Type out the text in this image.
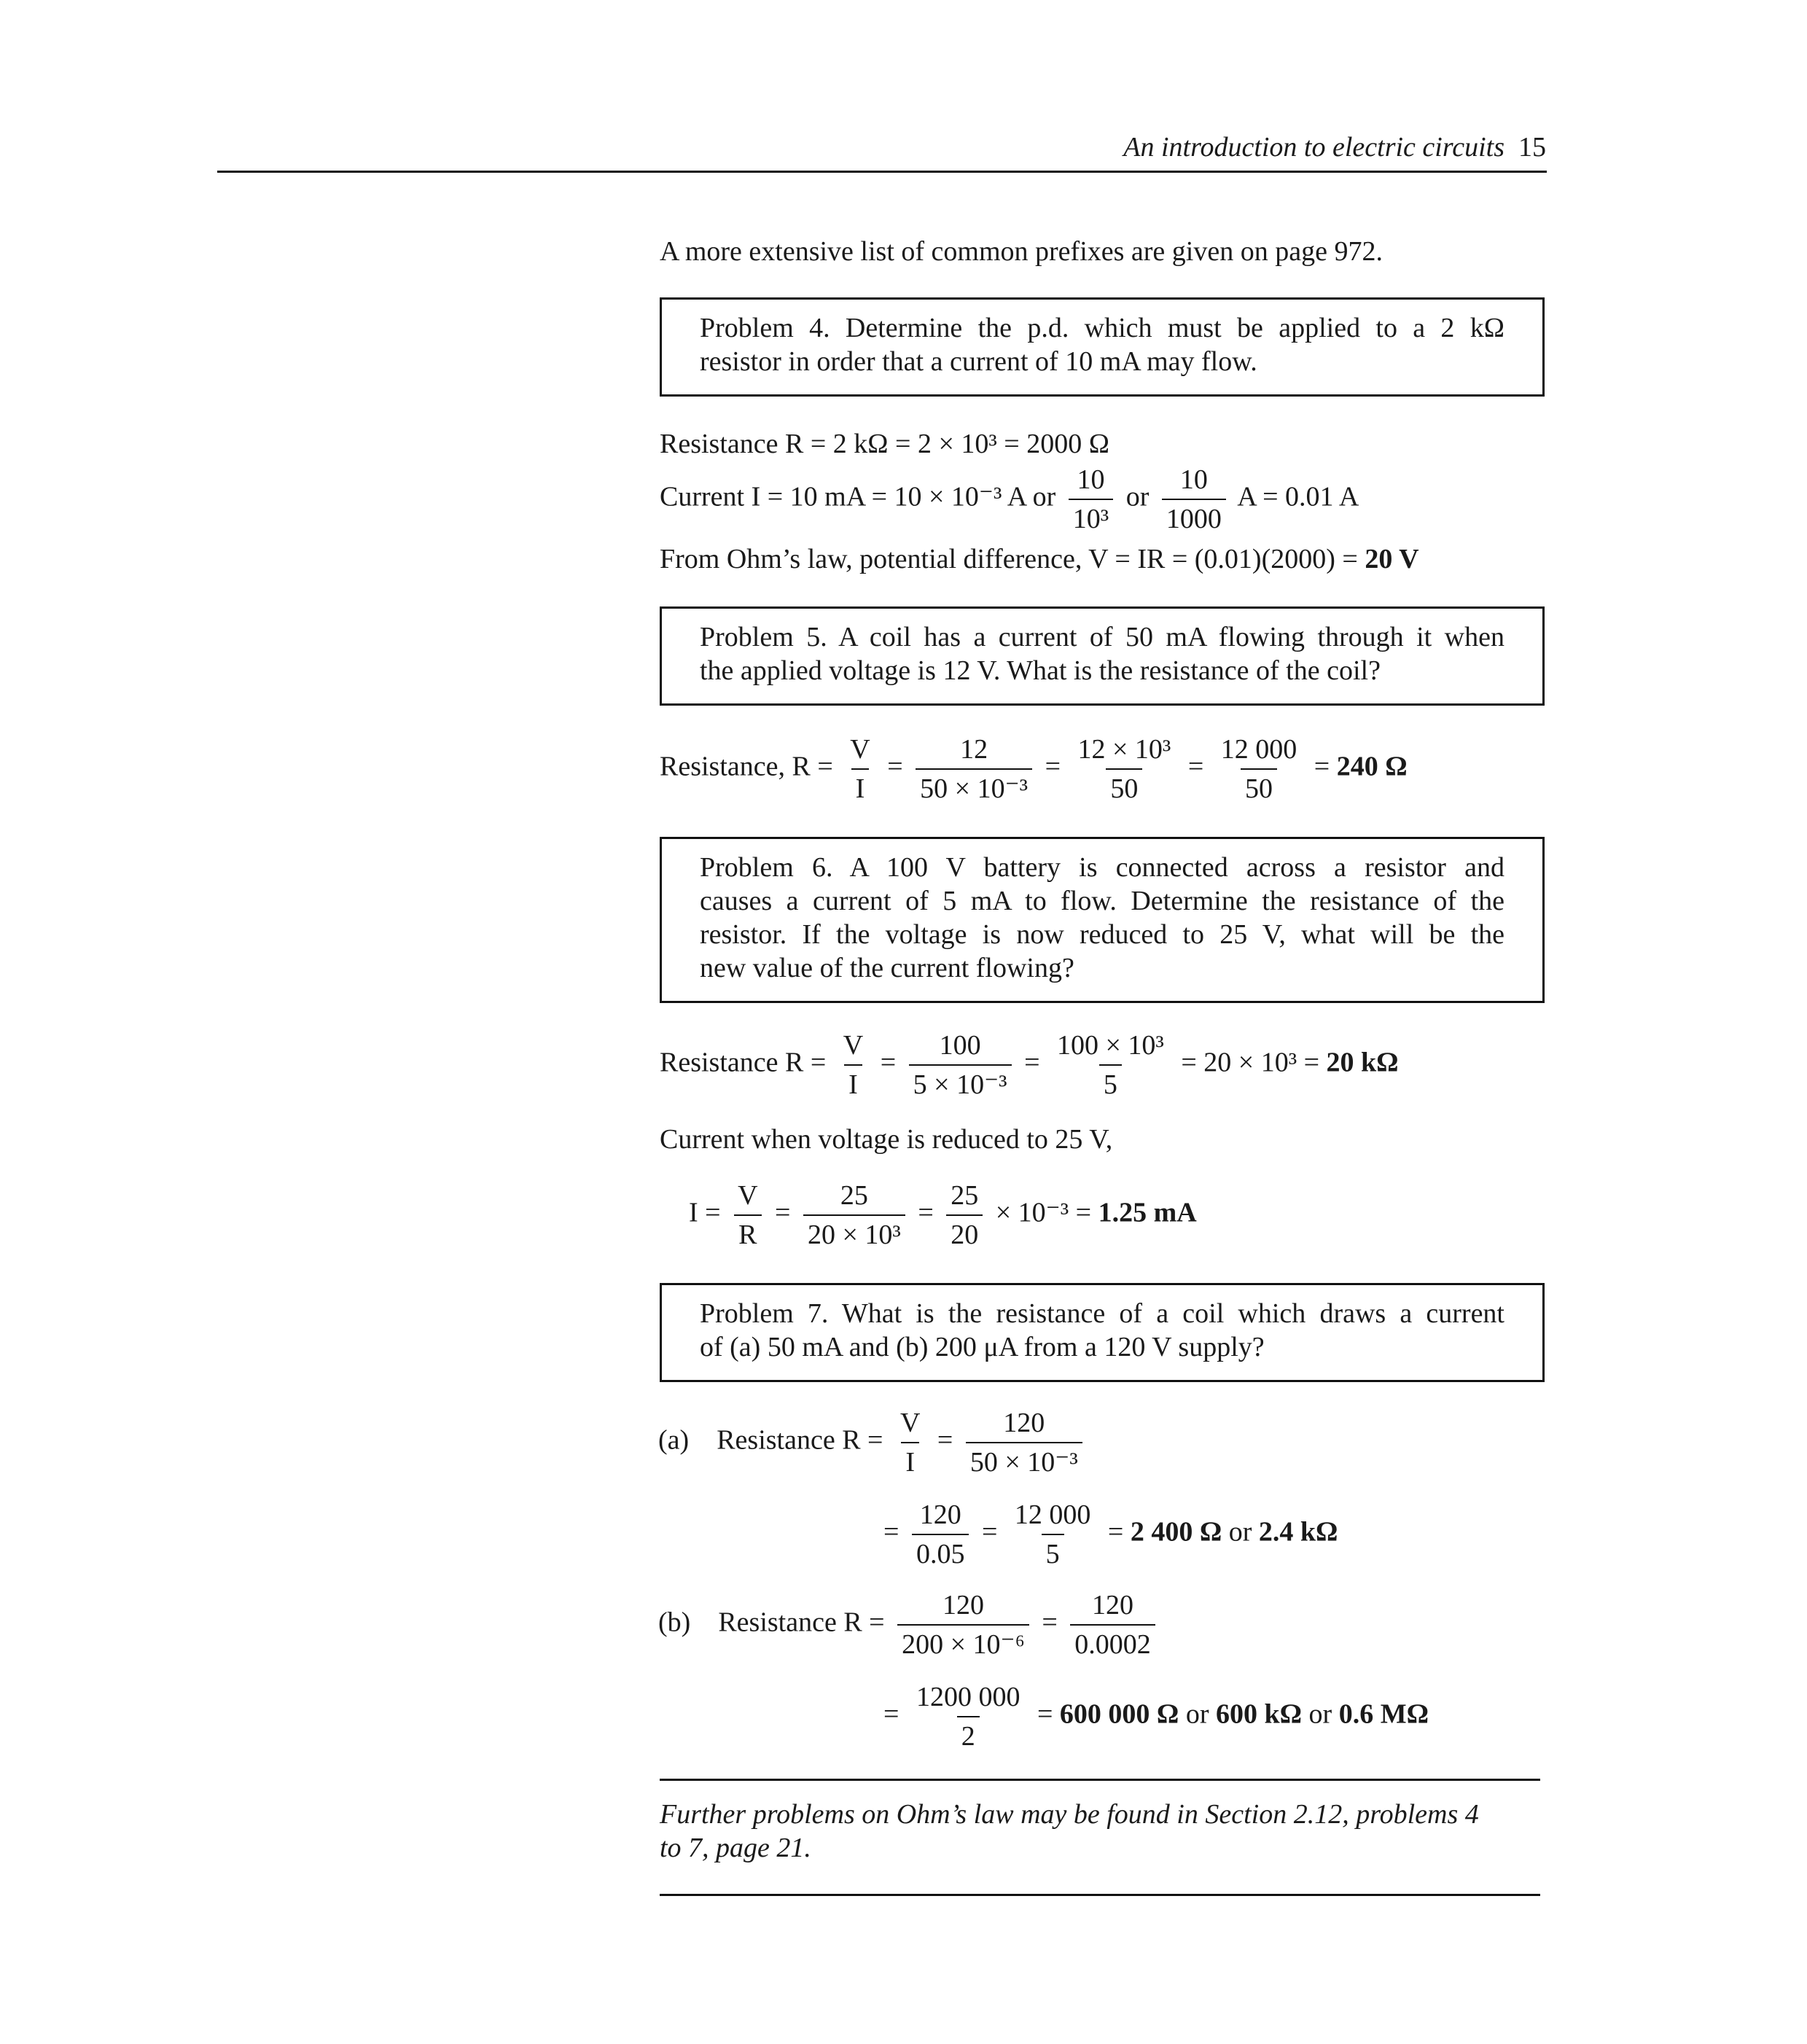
An introduction to electric circuits 15
A more extensive list of common prefixes are given on page 972.
Problem 4. Determine the p.d. which must be applied to a 2 kΩ
resistor in order that a current of 10 mA may flow.
Resistance R = 2 kΩ = 2 × 10³ = 2000 Ω
Current I = 10 mA = 10 × 10⁻³ A or $\frac{10}{\text{10³}}$ or $\frac{10}{1000}$ A = 0.01 A
From Ohm’s law, potential difference, V = IR = (0.01)(2000) = 20 V
Problem 5. A coil has a current of 50 mA flowing through it when
the applied voltage is 12 V. What is the resistance of the coil?
Resistance, $R = \frac{V}{I} = \frac{12}{\text{50 × 10⁻³}} = \frac{\text{12 × 10³}}{50} = \frac{12 000}{50} = 240$ Ω
Problem 6. A 100 V battery is connected across a resistor and
causes a current of 5 mA to flow. Determine the resistance of the
resistor. If the voltage is now reduced to 25 V, what will be the
new value of the current flowing?
Resistance $R = \frac{V}{I} = \frac{100}{\text{5 × 10⁻³}} = \frac{\text{100 × 10³}}{5} = 20 \times 10^3 = 20$ kΩ
Current when voltage is reduced to 25 V,
$I = \frac{V}{R} = \frac{25}{\text{20 × 10³}} = \frac{25}{20} \times 10^{-3} = 1.25$ mA
Problem 7. What is the resistance of a coil which draws a current
of (a) 50 mA and (b) 200 μA from a 120 V supply?
(a) Resistance $R = \frac{V}{I} = \frac{120}{\text{50 × 10⁻³}}$
= $\frac{120}{0.05} = \frac{12 000}{5} = 2$ 400 Ω or 2.4 kΩ
(b) Resistance $R = \frac{120}{\text{200 × 10⁻⁶}} = \frac{120}{0.0002}$
= $\frac{1200 000}{2} = 600$ 000 Ω or 600 kΩ or 0.6 MΩ
Further problems on Ohm’s law may be found in Section 2.12, problems 4
to 7, page 21.
